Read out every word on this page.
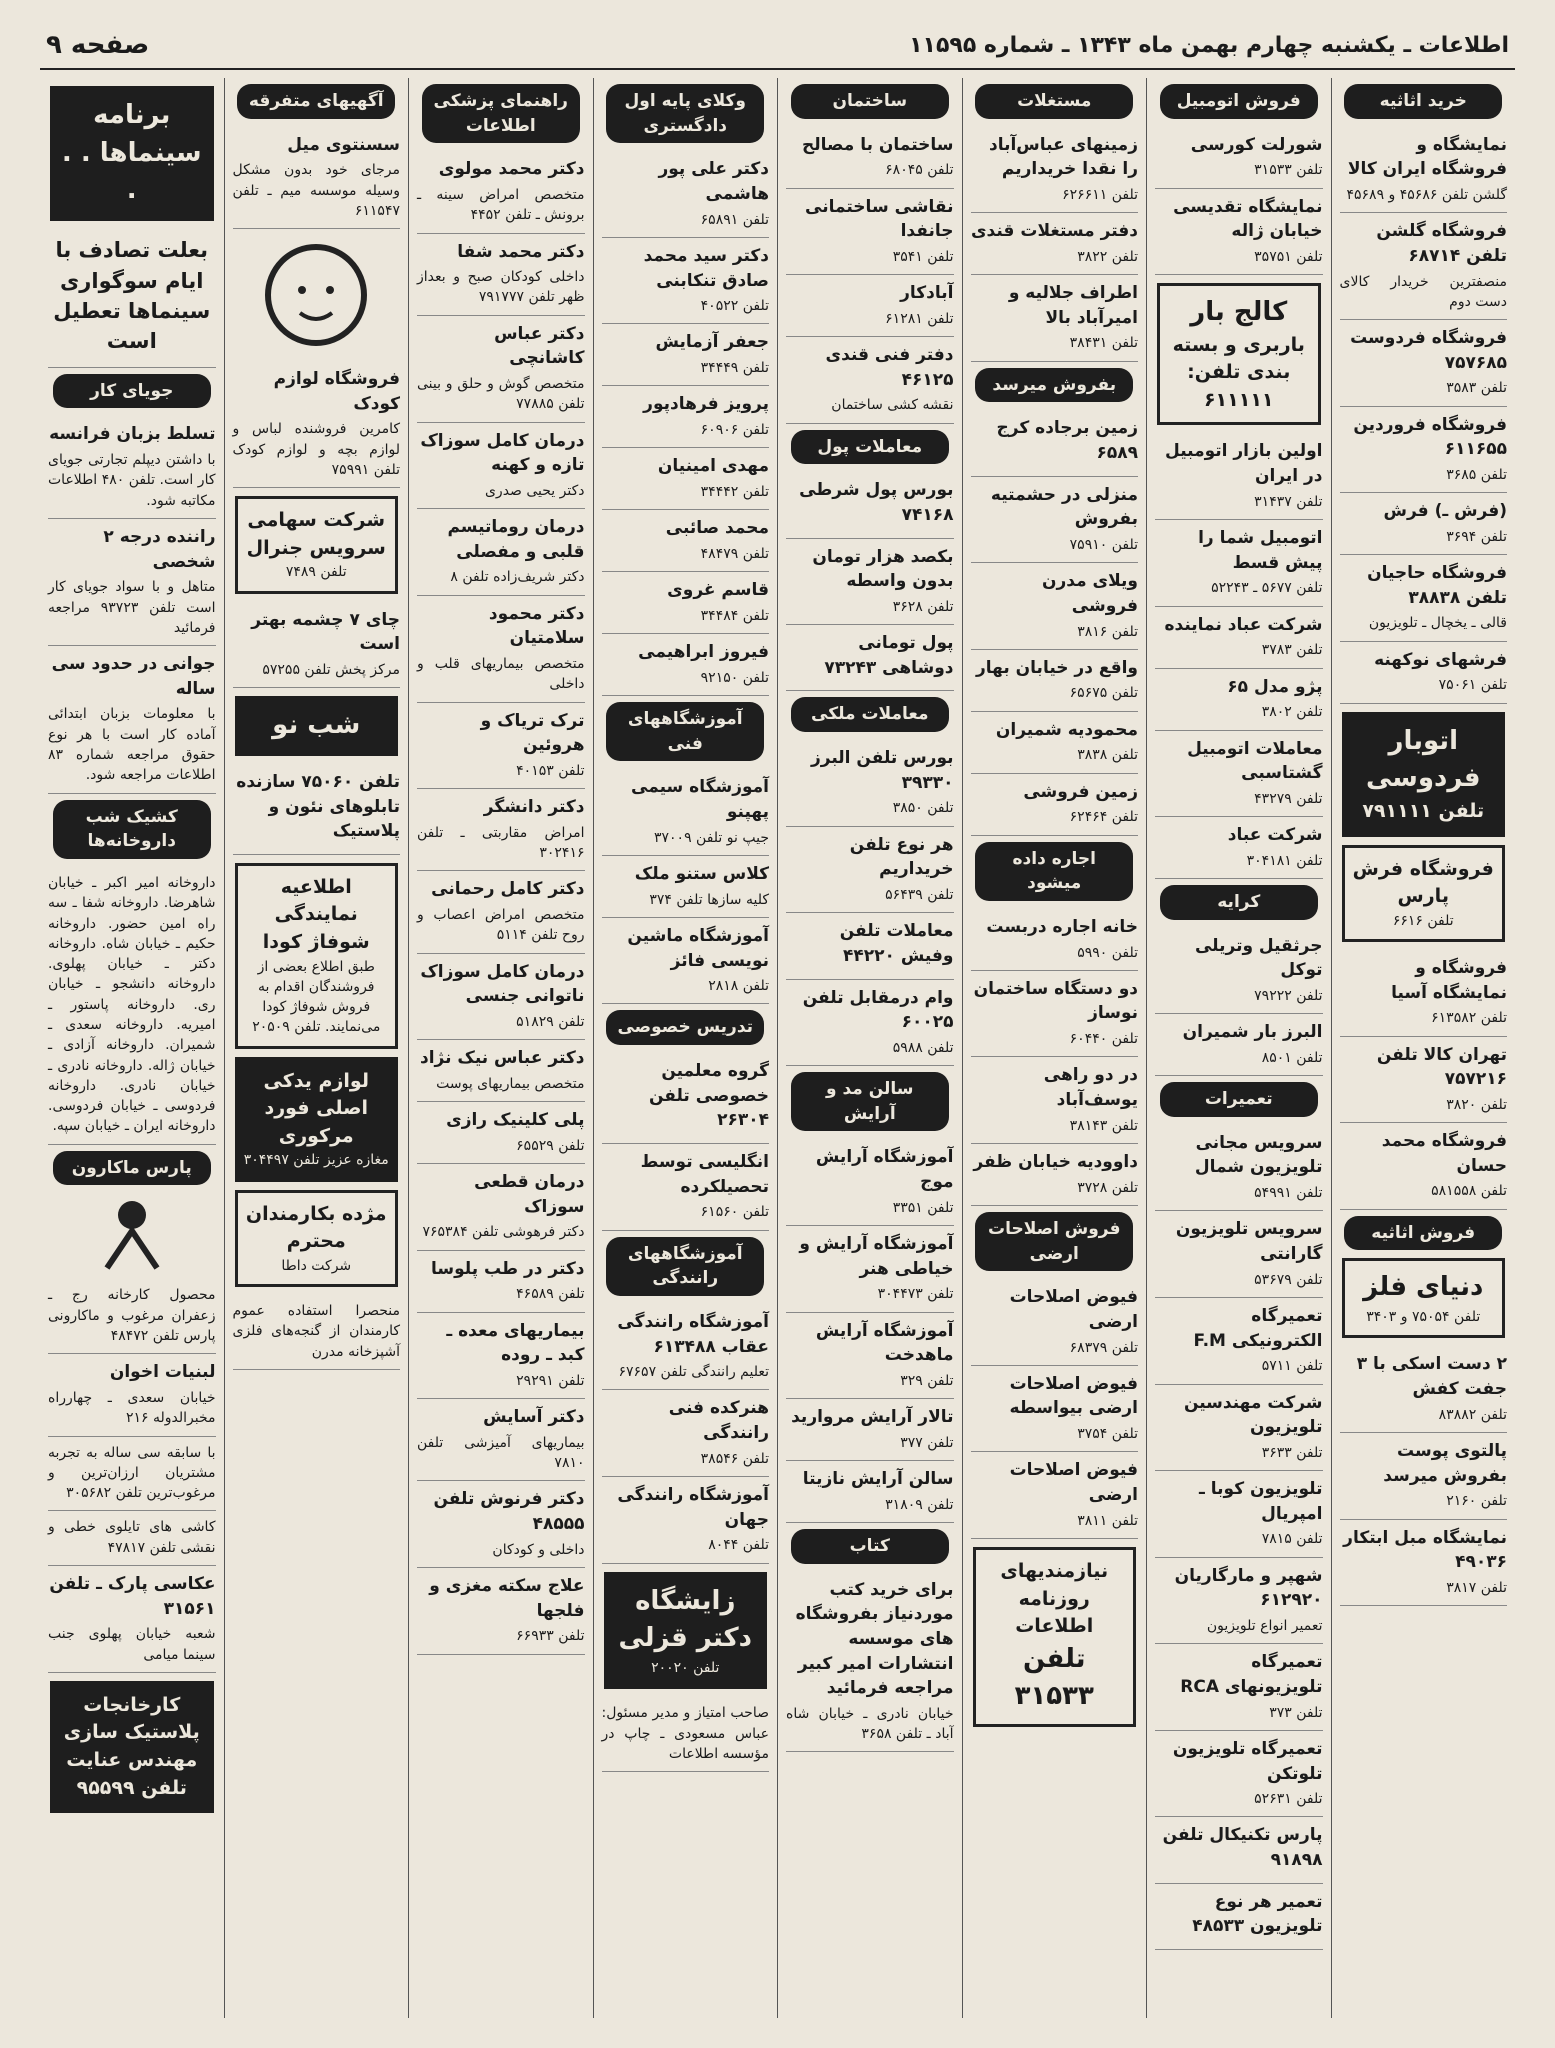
اطلاعات ـ یکشنبه چهارم بهمن ماه ۱۳۴۳ ـ شماره ۱۱۵۹۵
صفحه ۹
خرید اثاثیه
نمایشگاه و فروشگاه ایران کالا
گلشن تلفن ۴۵۶۸۶ و ۴۵۶۸۹
فروشگاه گلشن تلفن ۶۸۷۱۴
منصفترین خریدار کالای دست دوم
فروشگاه فردوست ۷۵۷۶۸۵
تلفن ۳۵۸۳
فروشگاه فروردین ۶۱۱۶۵۵
تلفن ۳۶۸۵
(فرش ـ) فرش
تلفن ۳۶۹۴
فروشگاه حاجیان تلفن ۳۸۸۳۸
قالی ـ یخچال ـ تلویزیون
فرشهای نوکهنه
تلفن ۷۵۰۶۱
اتوبار فردوسی
تلفن ۷۹۱۱۱۱
فروشگاه فرش پارس
تلفن ۶۶۱۶
فروشگاه و نمایشگاه آسیا
تلفن ۶۱۳۵۸۲
تهران کالا تلفن ۷۵۷۲۱۶
تلفن ۳۸۲۰
فروشگاه محمد حسان
تلفن ۵۸۱۵۵۸
فروش اثاثیه
دنیای فلز
تلفن ۷۵۰۵۴ و ۳۴۰۳
۲ دست اسکی با ۳ جفت کفش
تلفن ۸۳۸۸۲
پالتوی پوست بفروش میرسد
تلفن ۲۱۶۰
نمایشگاه مبل ابتکار ۴۹۰۳۶
تلفن ۳۸۱۷
فروش اتومبیل
شورلت کورسی
تلفن ۳۱۵۳۳
نمایشگاه تقدیسی خیابان ژاله
تلفن ۳۵۷۵۱
کالج بار
باربری و بسته بندی تلفن: ۶۱۱۱۱۱
اولین بازار اتومبیل در ایران
تلفن ۳۱۴۳۷
اتومبیل شما را پیش قسط
تلفن ۵۶۷۷ ـ ۵۲۲۴۳
شرکت عباد نماینده
تلفن ۳۷۸۳
پژو مدل ۶۵
تلفن ۳۸۰۲
معاملات اتومبیل گشتاسبی
تلفن ۴۳۲۷۹
شرکت عباد
تلفن ۳۰۴۱۸۱
کرایه
جرثقیل وتریلی توکل
تلفن ۷۹۲۲۲
البرز بار شمیران
تلفن ۸۵۰۱
تعمیرات
سرویس مجانی تلویزیون شمال
تلفن ۵۴۹۹۱
سرویس تلویزیون گارانتی
تلفن ۵۳۶۷۹
تعمیرگاه الکترونیکی F.M
تلفن ۵۷۱۱
شرکت مهندسین تلویزیون
تلفن ۳۶۳۳
تلویزیون کوبا ـ امپریال
تلفن ۷۸۱۵
شهپر و مارگاریان ۶۱۲۹۲۰
تعمیر انواع تلویزیون
تعمیرگاه تلویزیونهای RCA
تلفن ۳۷۳
تعمیرگاه تلویزیون تلوتکن
تلفن ۵۲۶۳۱
پارس تکنیکال تلفن ۹۱۸۹۸
تعمیر هر نوع تلویزیون ۴۸۵۳۳
مستغلات
زمینهای عباس‌آباد را نقدا خریداریم
تلفن ۶۲۶۶۱۱
دفتر مستغلات قندی
تلفن ۳۸۲۲
اطراف جلالیه و امیرآباد بالا
تلفن ۳۸۴۳۱
بفروش میرسد
زمین برجاده کرج ۶۵۸۹
منزلی در حشمتیه بفروش
تلفن ۷۵۹۱۰
ویلای مدرن فروشی
تلفن ۳۸۱۶
واقع در خیابان بهار
تلفن ۶۵۶۷۵
محمودیه شمیران
تلفن ۳۸۳۸
زمین فروشی
تلفن ۶۲۴۶۴
اجاره داده میشود
خانه اجاره دربست
تلفن ۵۹۹۰
دو دستگاه ساختمان نوساز
تلفن ۶۰۴۴۰
در دو راهی یوسف‌آباد
تلفن ۳۸۱۴۳
داوودیه خیابان ظفر
تلفن ۳۷۲۸
فروش اصلاحات ارضی
فیوض اصلاحات ارضی
تلفن ۶۸۳۷۹
فیوض اصلاحات ارضی بیواسطه
تلفن ۳۷۵۴
فیوض اصلاحات ارضی
تلفن ۳۸۱۱
نیازمندیهای روزنامه اطلاعات
تلفن ۳۱۵۳۳
ساختمان
ساختمان با مصالح
تلفن ۶۸۰۴۵
نقاشی ساختمانی جانفدا
تلفن ۳۵۴۱
آبادکار
تلفن ۶۱۲۸۱
دفتر فنی قندی ۴۶۱۲۵
نقشه کشی ساختمان
معاملات پول
بورس پول شرطی ۷۴۱۶۸
بکصد هزار تومان بدون واسطه
تلفن ۳۶۲۸
پول تومانی دوشاهی ۷۳۲۴۳
معاملات ملکی
بورس تلفن البرز ۳۹۳۳۰
تلفن ۳۸۵۰
هر نوع تلفن خریداریم
تلفن ۵۶۴۳۹
معاملات تلفن وفیش ۴۴۲۲۰
وام درمقابل تلفن ۶۰۰۲۵
تلفن ۵۹۸۸
سالن مد و آرایش
آموزشگاه آرایش موج
تلفن ۳۳۵۱
آموزشگاه آرایش و خیاطی هنر
تلفن ۳۰۴۴۷۳
آموزشگاه آرایش ماهدخت
تلفن ۳۲۹
تالار آرایش مروارید
تلفن ۳۷۷
سالن آرایش نازیتا
تلفن ۳۱۸۰۹
کتاب
برای خرید کتب موردنیاز بفروشگاه های موسسه انتشارات امیر کبیر مراجعه فرمائید
خیابان نادری ـ خیابان شاه آباد ـ تلفن ۳۶۵۸
وکلای پایه اول دادگستری
دکتر علی پور هاشمی
تلفن ۶۵۸۹۱
دکتر سید محمد صادق تنکابنی
تلفن ۴۰۵۲۲
جعفر آزمایش
تلفن ۳۴۴۴۹
پرویز فرهادپور
تلفن ۶۰۹۰۶
مهدی امینیان
تلفن ۳۴۴۴۲
محمد صائبی
تلفن ۴۸۴۷۹
قاسم غروی
تلفن ۳۴۴۸۴
فیروز ابراهیمی
تلفن ۹۲۱۵۰
آموزشگاههای فنی
آموزشگاه سیمی پهپنو
جیپ نو تلفن ۳۷۰۰۹
کلاس ستنو ملک
کلیه سازها تلفن ۳۷۴
آموزشگاه ماشین نویسی فائز
تلفن ۲۸۱۸
تدریس خصوصی
گروه معلمین خصوصی تلفن ۲۶۳۰۴
انگلیسی توسط تحصیلکرده
تلفن ۶۱۵۶۰
آموزشگاههای رانندگی
آموزشگاه رانندگی عقاب ۶۱۳۴۸۸
تعلیم رانندگی تلفن ۶۷۶۵۷
هنرکده فنی رانندگی
تلفن ۳۸۵۴۶
آموزشگاه رانندگی جهان
تلفن ۸۰۴۴
زایشگاه دکتر قزلی
تلفن ۲۰۰۲۰
صاحب امتیاز و مدیر مسئول: عباس مسعودی ـ چاپ در مؤسسه اطلاعات
راهنمای پزشکی اطلاعات
دکتر محمد مولوی
متخصص امراض سینه ـ برونش ـ تلفن ۴۴۵۲
دکتر محمد شفا
داخلی کودکان صبح و بعداز ظهر تلفن ۷۹۱۷۷۷
دکتر عباس کاشانچی
متخصص گوش و حلق و بینی تلفن ۷۷۸۸۵
درمان کامل سوزاک تازه و کهنه
دکتر یحیی صدری
درمان روماتیسم قلبی و مفصلی
دکتر شریف‌زاده تلفن ۸
دکتر محمود سلامتیان
متخصص بیماریهای قلب و داخلی
ترک تریاک و هروئین
تلفن ۴۰۱۵۳
دکتر دانشگر
امراض مقاربتی ـ تلفن ۳۰۲۴۱۶
دکتر کامل رحمانی
متخصص امراض اعصاب و روح تلفن ۵۱۱۴
درمان کامل سوزاک ناتوانی جنسی
تلفن ۵۱۸۲۹
دکتر عباس نیک نژاد
متخصص بیماریهای پوست
پلی کلینیک رازی
تلفن ۶۵۵۲۹
درمان قطعی سوزاک
دکتر فرهوشی تلفن ۷۶۵۳۸۴
دکتر در طب پلوسا
تلفن ۴۶۵۸۹
بیماریهای معده ـ کبد ـ روده
تلفن ۲۹۲۹۱
دکتر آسایش
بیماریهای آمیزشی تلفن ۷۸۱۰
دکتر فرنوش تلفن ۴۸۵۵۵
داخلی و کودکان
علاج سکته مغزی و فلجها
تلفن ۶۶۹۳۳
آگهیهای متفرقه
سسنتوی میل
مرجای خود بدون مشکل وسیله موسسه میم ـ تلفن ۶۱۱۵۴۷
فروشگاه لوازم کودک
کامرین فروشنده لباس و لوازم بچه و لوازم کودک تلفن ۷۵۹۹۱
شرکت سهامی سرویس جنرال
تلفن ۷۴۸۹
چای ۷ چشمه بهتر است
مرکز پخش تلفن ۵۷۲۵۵
شب نو
تلفن ۷۵۰۶۰ سازنده تابلوهای نئون و پلاستیک
اطلاعیه نمایندگی شوفاژ کودا
طبق اطلاع بعضی از فروشندگان اقدام به فروش شوفاژ کودا می‌نمایند. تلفن ۲۰۵۰۹
لوازم یدکی اصلی فورد مرکوری
مغازه عزیز تلفن ۳۰۴۴۹۷
مژده بکارمندان محترم
شرکت داطا
منحصرا استفاده عموم کارمندان از گنجه‌های فلزی آشپزخانه مدرن
برنامه سینماها . . .
بعلت تصادف با ایام سوگواری سینماها تعطیل است
جویای کار
تسلط بزبان فرانسه
با داشتن دیپلم تجارتی جویای کار است. تلفن ۴۸۰ اطلاعات مکاتبه شود.
راننده درجه ۲ شخصی
متاهل و با سواد جویای کار است تلفن ۹۳۷۲۳ مراجعه فرمائید
جوانی در حدود سی ساله
با معلومات بزبان ابتدائی آماده کار است با هر نوع حقوق مراجعه شماره ۸۳ اطلاعات مراجعه شود.
کشیک شب داروخانه‌ها
داروخانه امیر اکبر ـ خیابان شاهرضا. داروخانه شفا ـ سه راه امین حضور. داروخانه حکیم ـ خیابان شاه. داروخانه دکتر ـ خیابان پهلوی. داروخانه دانشجو ـ خیابان ری. داروخانه پاستور ـ امیریه. داروخانه سعدی ـ شمیران. داروخانه آزادی ـ خیابان ژاله. داروخانه نادری ـ خیابان نادری. داروخانه فردوسی ـ خیابان فردوسی. داروخانه ایران ـ خیابان سپه.
پارس ماکارون
محصول کارخانه رج ـ زعفران مرغوب و ماکارونی پارس تلفن ۴۸۴۷۲
لبنیات اخوان
خیابان سعدی ـ چهارراه مخبرالدوله ۲۱۶
با سابقه سی ساله به تجربه مشتریان ارزان‌ترین و مرغوب‌ترین تلفن ۳۰۵۶۸۲
کاشی های تایلوی خطی و نقشی تلفن ۴۷۸۱۷
عکاسی پارک ـ تلفن ۳۱۵۶۱
شعبه خیابان پهلوی جنب سینما میامی
کارخانجات پلاستیک سازی مهندس عنایت تلفن ۹۵۵۹۹
